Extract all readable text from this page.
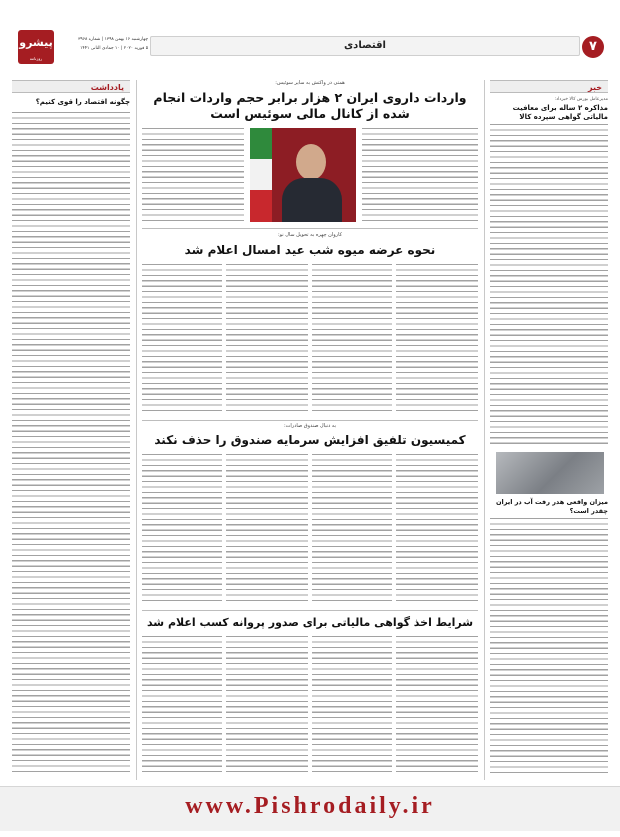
۷
اقتصادی
پیشرو
روزنامه
چهارشنبه ۱۶ بهمن ۱۳۹۸ | شماره ۳۹۶۸
۵ فوریه ۲۰۲۰ | ۱۰ جمادی الثانی ۱۴۴۱
خبر
مدیرعامل بورس کالا خبرداد:
مذاکره ۲ ساله برای معافیت مالیاتی گواهی سپرده کالا
میزان واقعی هدر رفت آب در ایران چقدر است؟
یادداشت
چگونه اقتصاد را قوی کنیم؟
همتی در واکنش به سایر سوئیس:
واردات داروی ایران ۲ هزار برابر حجم واردات انجام شده از کانال مالی سوئیس است
کاروان چهره به تحویل سال نو:
نحوه عرضه میوه شب عید امسال اعلام شد
به دنبال صندوق صادرات:
کمیسیون تلفیق افزایش سرمایه صندوق را حذف نکند
شرایط اخذ گواهی مالیاتی برای صدور پروانه کسب اعلام شد
www.Pishrodaily.ir
